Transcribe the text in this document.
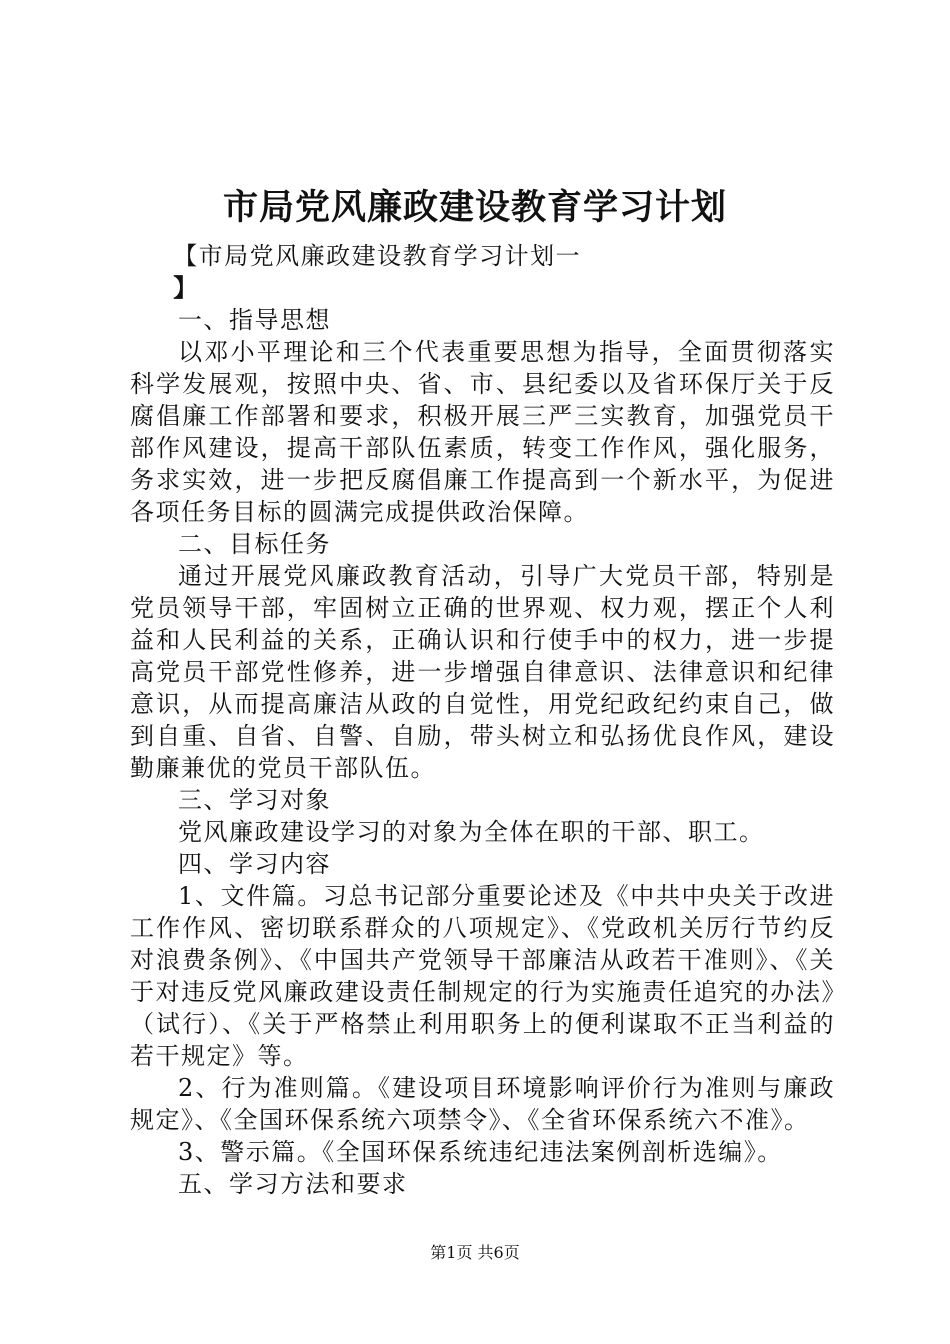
市局党风廉政建设教育学习计划

【市局党风廉政建设教育学习计划一
】

一、指导思想

以邓小平理论和三个代表重要思想为指导，全面贯彻落实科学发展观，按照中央、省、市、县纪委以及省环保厅关于反腐倡廉工作部署和要求，积极开展三严三实教育，加强党员干部作风建设，提高干部队伍素质，转变工作作风，强化服务，务求实效，进一步把反腐倡廉工作提高到一个新水平，为促进各项任务目标的圆满完成提供政治保障。

二、目标任务

通过开展党风廉政教育活动，引导广大党员干部，特别是党员领导干部，牢固树立正确的世界观、权力观，摆正个人利益和人民利益的关系，正确认识和行使手中的权力，进一步提高党员干部党性修养，进一步增强自律意识、法律意识和纪律意识，从而提高廉洁从政的自觉性，用党纪政纪约束自己，做到自重、自省、自警、自励，带头树立和弘扬优良作风，建设勤廉兼优的党员干部队伍。

三、学习对象

党风廉政建设学习的对象为全体在职的干部、职工。

四、学习内容

1、文件篇。习总书记部分重要论述及《中共中央关于改进工作作风、密切联系群众的八项规定》、《党政机关厉行节约反对浪费条例》、《中国共产党领导干部廉洁从政若干准则》、《关于对违反党风廉政建设责任制规定的行为实施责任追究的办法》（试行）、《关于严格禁止利用职务上的便利谋取不正当利益的若干规定》等。

2、行为准则篇。《建设项目环境影响评价行为准则与廉政规定》、《全国环保系统六项禁令》、《全省环保系统六不准》。

3、警示篇。《全国环保系统违纪违法案例剖析选编》。

五、学习方法和要求

第1页 共6页
